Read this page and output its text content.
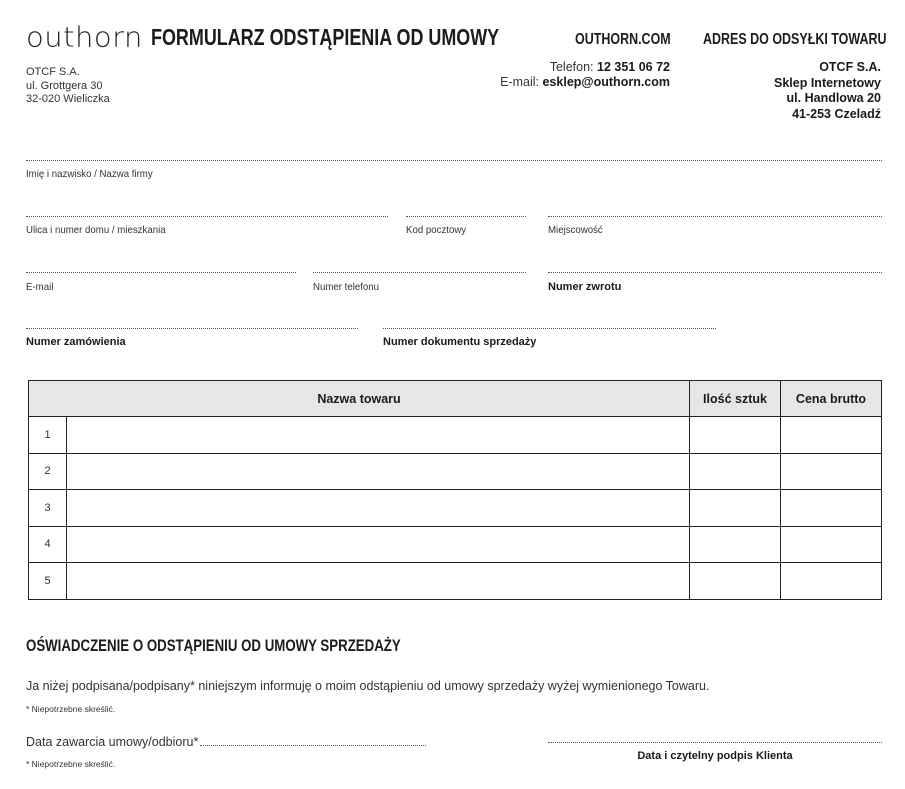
outhorn FORMULARZ ODSTĄPIENIA OD UMOWY	OUTHORN.COM ADRES DO ODSYŁKI TOWARU
OTCF S.A.
ul. Grottgera 30
32-020 Wieliczka
Telefon: 12 351 06 72
E-mail: esklep@outhorn.com
OTCF S.A.
Sklep Internetowy
ul. Handlowa 20
41-253 Czeladź
Imię i nazwisko / Nazwa firmy
Ulica i numer domu / mieszkania	Kod pocztowy	Miejscowość
E-mail	Numer telefonu	Numer zwrotu
Numer zamówienia	Numer dokumentu sprzedaży
Nazwa towaru		Ilość sztuk	Cena brutto
1			
2			
3			
4			
5			
OŚWIADCZENIE O ODSTĄPIENIU OD UMOWY SPRZEDAŻY
Ja niżej podpisana/podpisany* niniejszym informuję o moim odstąpieniu od umowy sprzedaży wyżej wymienionego Towaru.
* Niepotrzebne skreślić.
Data zawarcia umowy/odbioru*
* Niepotrzebne skreślić.
Data i czytelny podpis Klienta
